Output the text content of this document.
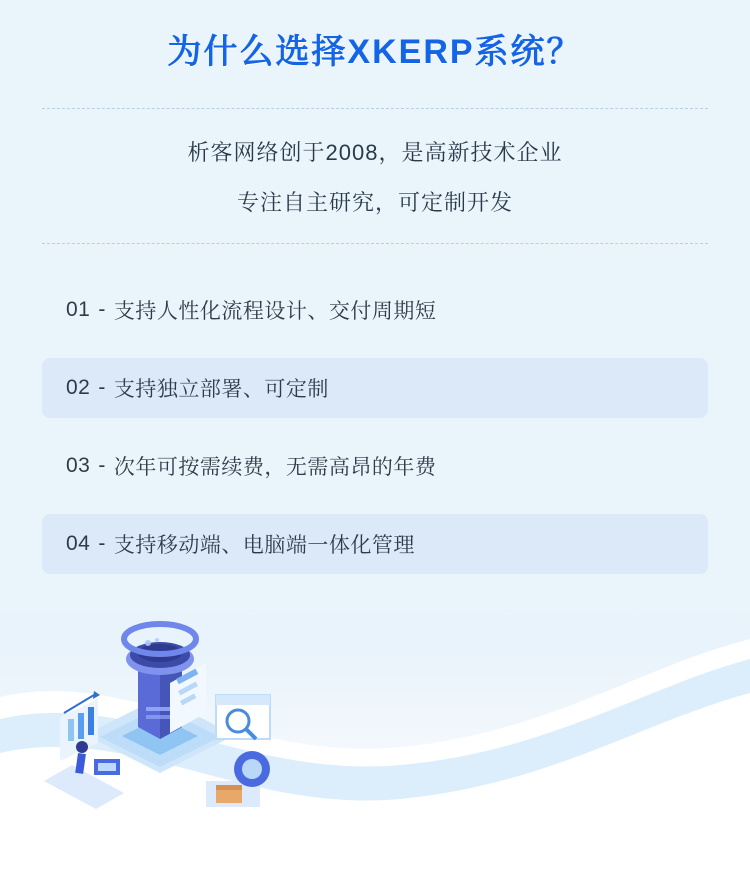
为什么选择XKERP系统？
析客网络创于2008，是高新技术企业
专注自主研究，可定制开发
01 - 支持人性化流程设计、交付周期短
02 - 支持独立部署、可定制
03 - 次年可按需续费，无需高昂的年费
04 - 支持移动端、电脑端一体化管理
